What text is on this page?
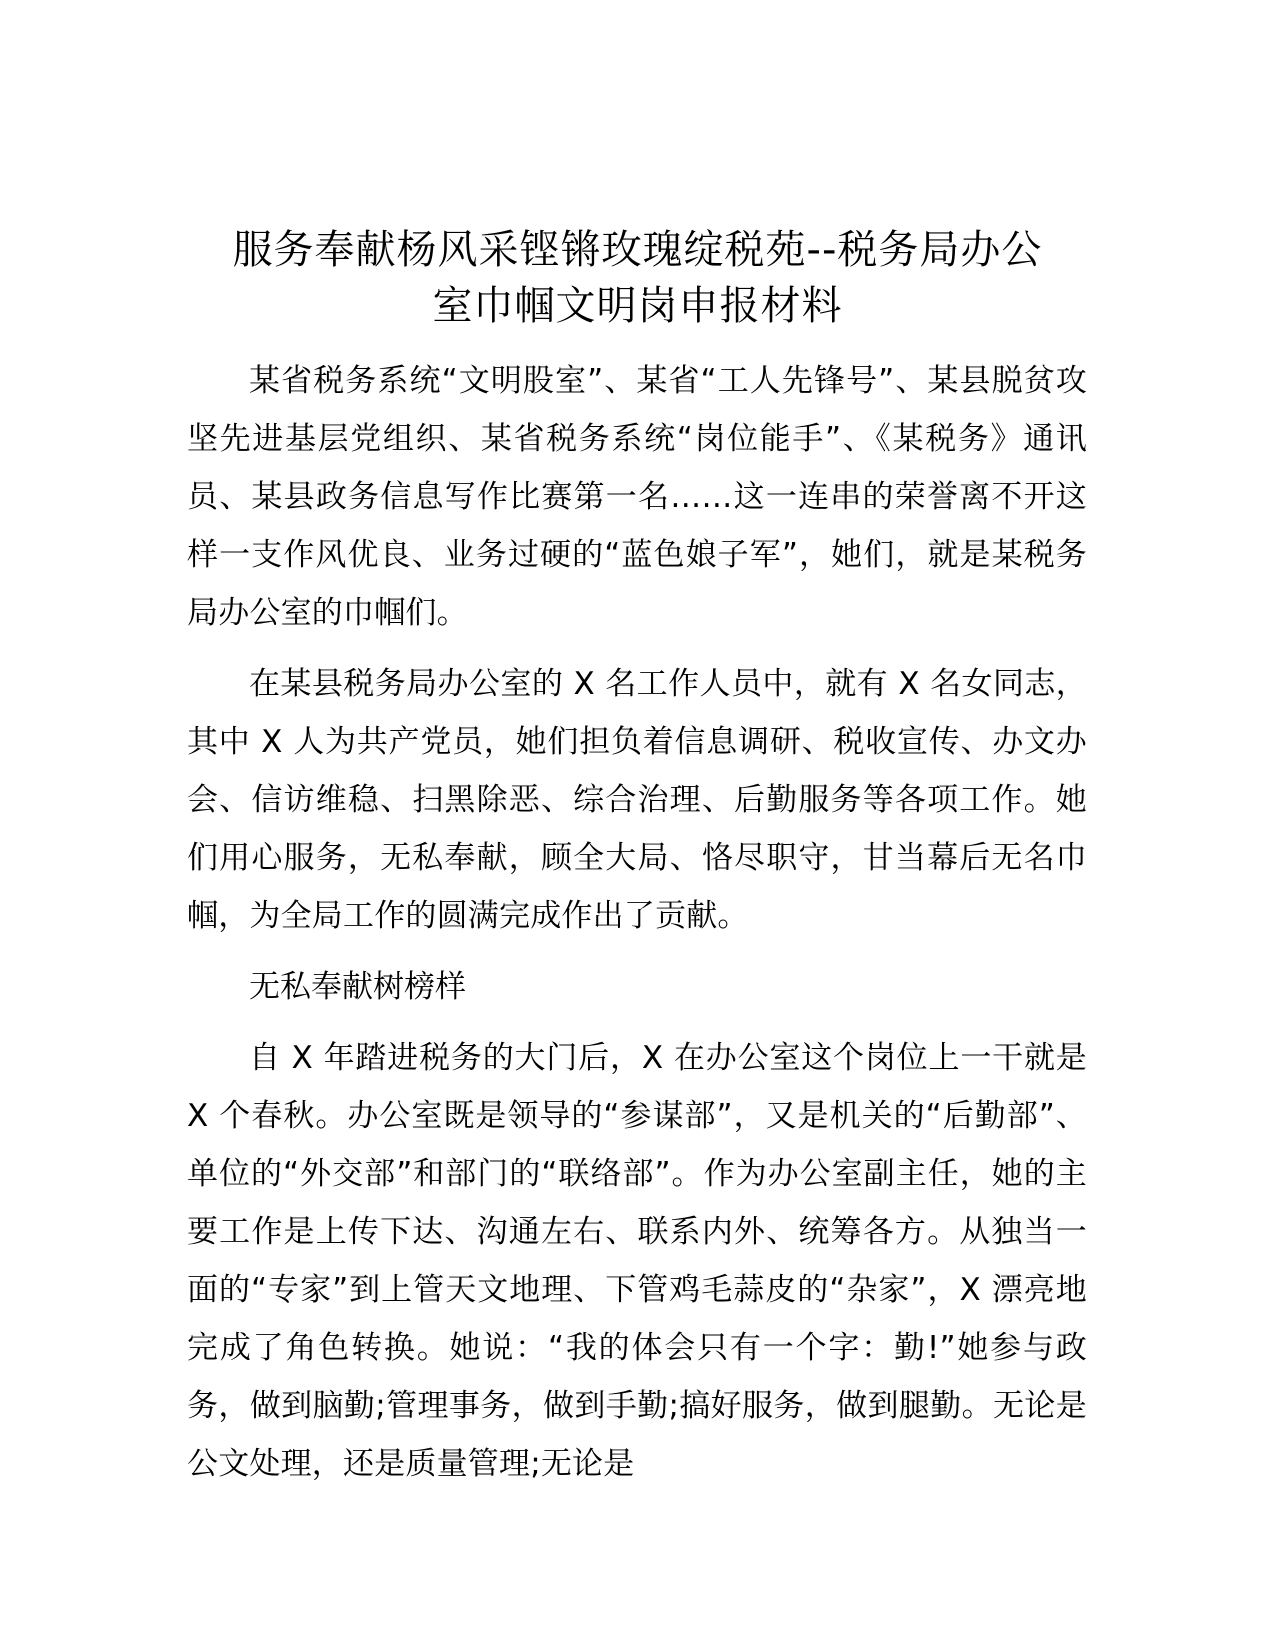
服务奉献杨风采铿锵玫瑰绽税苑--税务局办公
室巾帼文明岗申报材料

某省税务系统“文明股室”、某省“工人先锋号”、某县脱贫攻坚先进基层党组织、某省税务系统“岗位能手”、《某税务》通讯员、某县政务信息写作比赛第一名……这一连串的荣誉离不开这样一支作风优良、业务过硬的“蓝色娘子军”，她们，就是某税务局办公室的巾帼们。

在某县税务局办公室的 X 名工作人员中，就有 X 名女同志，其中 X 人为共产党员，她们担负着信息调研、税收宣传、办文办会、信访维稳、扫黑除恶、综合治理、后勤服务等各项工作。她们用心服务，无私奉献，顾全大局、恪尽职守，甘当幕后无名巾帼，为全局工作的圆满完成作出了贡献。

无私奉献树榜样

自 X 年踏进税务的大门后，X 在办公室这个岗位上一干就是 X 个春秋。办公室既是领导的“参谋部”，又是机关的“后勤部”、单位的“外交部”和部门的“联络部”。作为办公室副主任，她的主要工作是上传下达、沟通左右、联系内外、统筹各方。从独当一面的“专家”到上管天文地理、下管鸡毛蒜皮的“杂家”，X 漂亮地完成了角色转换。她说：“我的体会只有一个字：勤!”她参与政务，做到脑勤;管理事务，做到手勤;搞好服务，做到腿勤。无论是公文处理，还是质量管理;无论是
